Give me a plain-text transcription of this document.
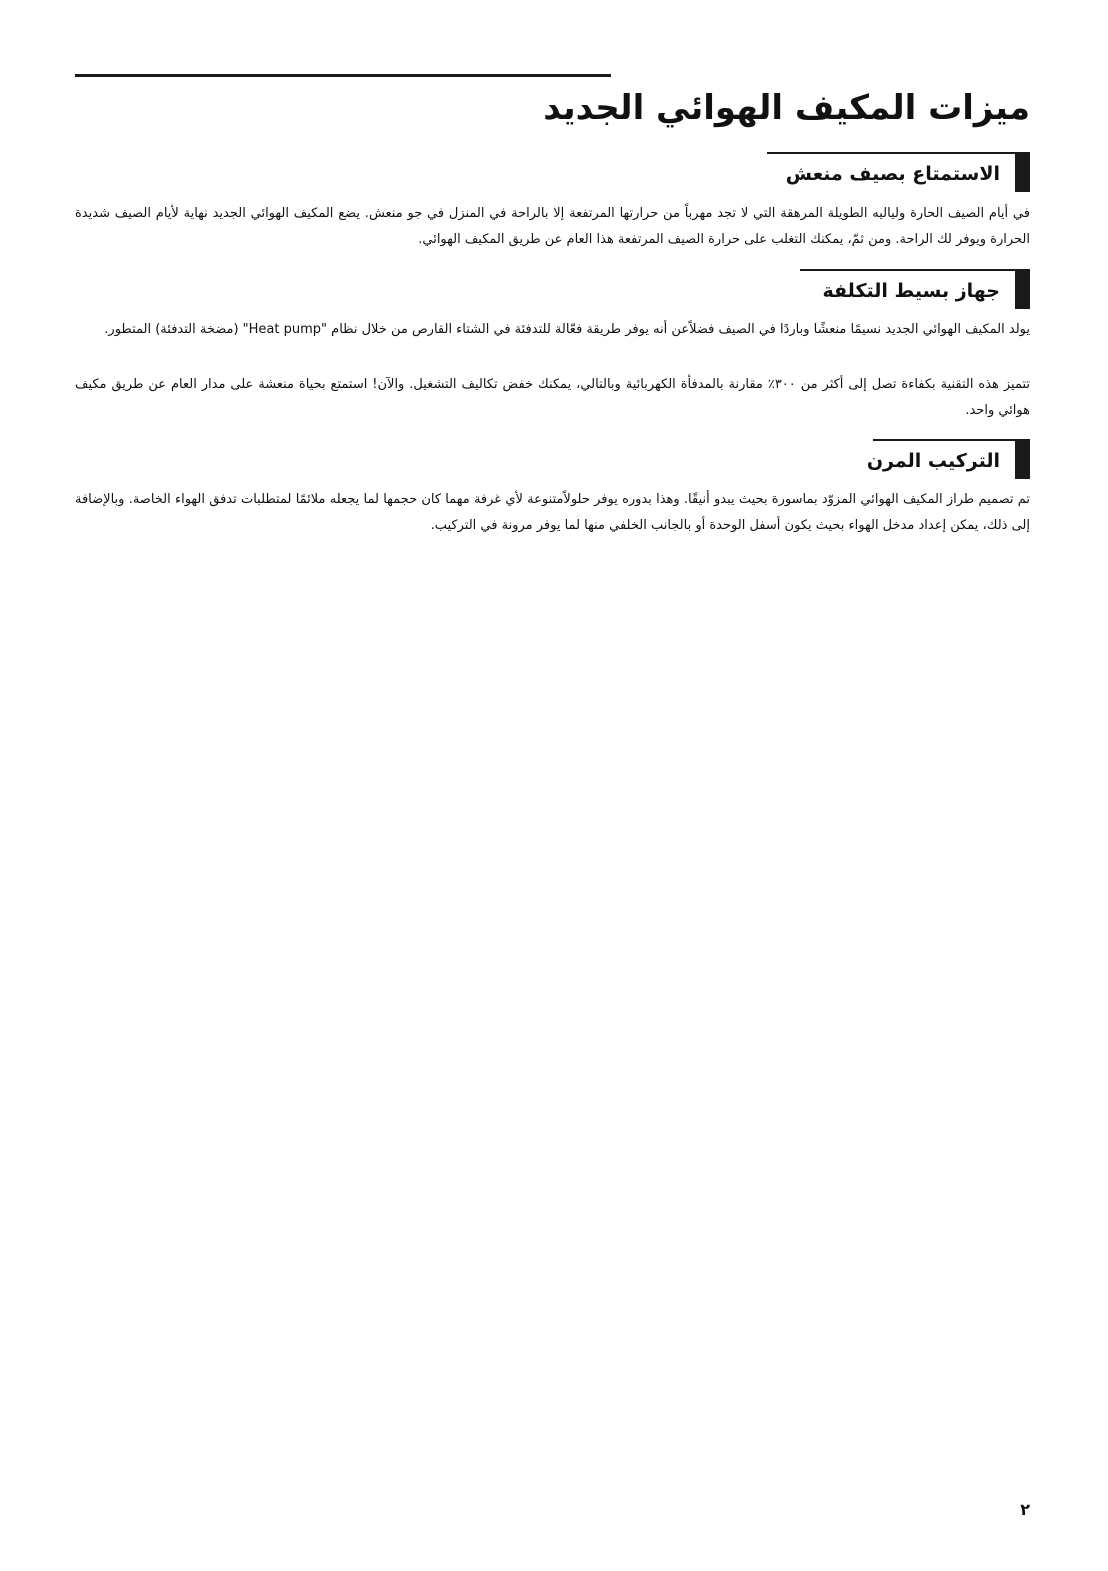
ميزات المكيف الهوائي الجديد
الاستمتاع بصيف منعش

في أيام الصيف الحارة ولياليه الطويلة المرهقة التي لا تجد مهرباً من حرارتها المرتفعة إلا بالراحة في المنزل في جو منعش. يضع المكيف الهوائي الجديد نهاية لأيام الصيف شديدة الحرارة ويوفر لك الراحة. ومن ثمّ، يمكنك التغلب على حرارة الصيف المرتفعة هذا العام عن طريق المكيف الهوائي.

جهاز بسيط التكلفة

يولد المكيف الهوائي الجديد نسيمًا منعشًا وباردًا في الصيف فضلاًعن أنه يوفر طريقة فعّالة للتدفئة في الشتاء القارص من خلال نظام "Heat pump" (مضخة التدفئة) المتطور.

تتميز هذه التقنية بكفاءة تصل إلى أكثر من ٣٠٠٪ مقارنة بالمدفأة الكهربائية وبالتالي، يمكنك خفض تكاليف التشغيل. والآن! استمتع بحياة منعشة على مدار العام عن طريق مكيف هوائي واحد.

التركيب المرن

تم تصميم طراز المكيف الهوائي المزوّد بماسورة بحيث يبدو أنيقًا. وهذا بدوره يوفر حلولاًمتنوعة لأي غرفة مهما كان حجمها لما يجعله ملائمًا لمتطلبات تدفق الهواء الخاصة. وبالإضافة إلى ذلك، يمكن إعداد مدخل الهواء بحيث يكون أسفل الوحدة أو بالجانب الخلفي منها لما يوفر مرونة في التركيب.

٢
